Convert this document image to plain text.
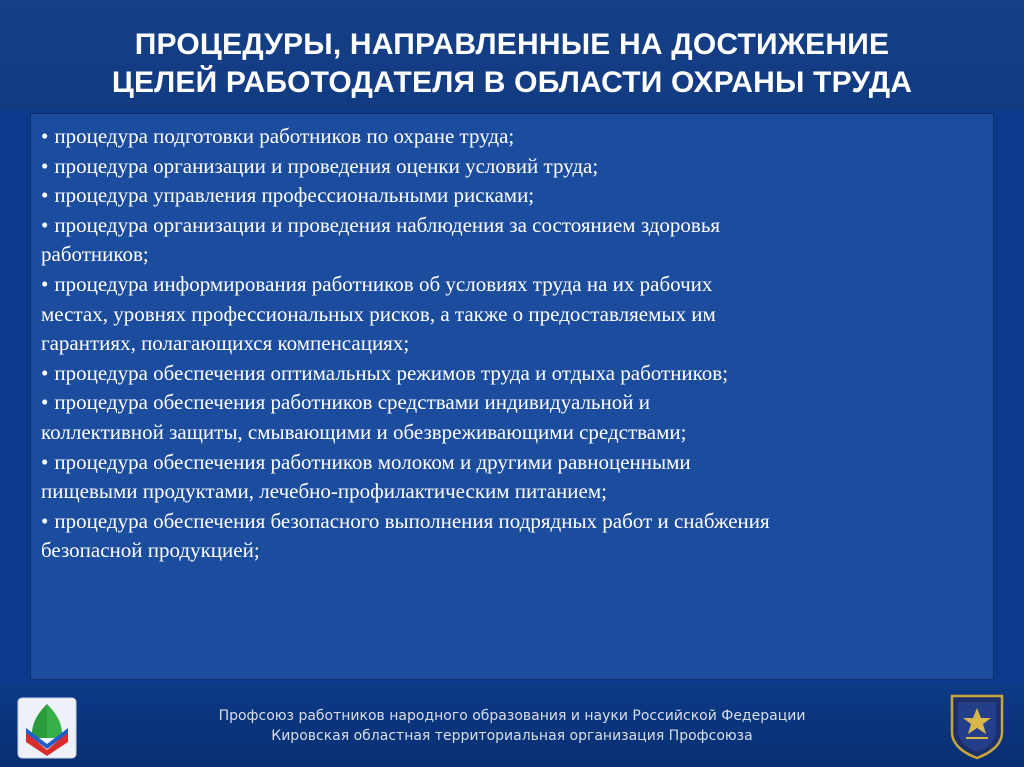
ПРОЦЕДУРЫ, НАПРАВЛЕННЫЕ НА ДОСТИЖЕНИЕ
ЦЕЛЕЙ РАБОТОДАТЕЛЯ В ОБЛАСТИ ОХРАНЫ ТРУДА
• процедура подготовки работников по охране труда;
• процедура организации и проведения оценки условий труда;
• процедура управления профессиональными рисками;
• процедура организации и проведения наблюдения за состоянием здоровья
работников;
• процедура информирования работников об условиях труда на их рабочих
местах, уровнях профессиональных рисков, а также о предоставляемых им
гарантиях, полагающихся компенсациях;
• процедура обеспечения оптимальных режимов труда и отдыха работников;
• процедура обеспечения работников средствами индивидуальной и
коллективной защиты, смывающими и обезвреживающими средствами;
• процедура обеспечения работников молоком и другими равноценными
пищевыми продуктами, лечебно-профилактическим питанием;
• процедура обеспечения безопасного выполнения подрядных работ и снабжения
безопасной продукцией;
Профсоюз работников народного образования и науки Российской Федерации
Кировская областная территориальная организация Профсоюза
